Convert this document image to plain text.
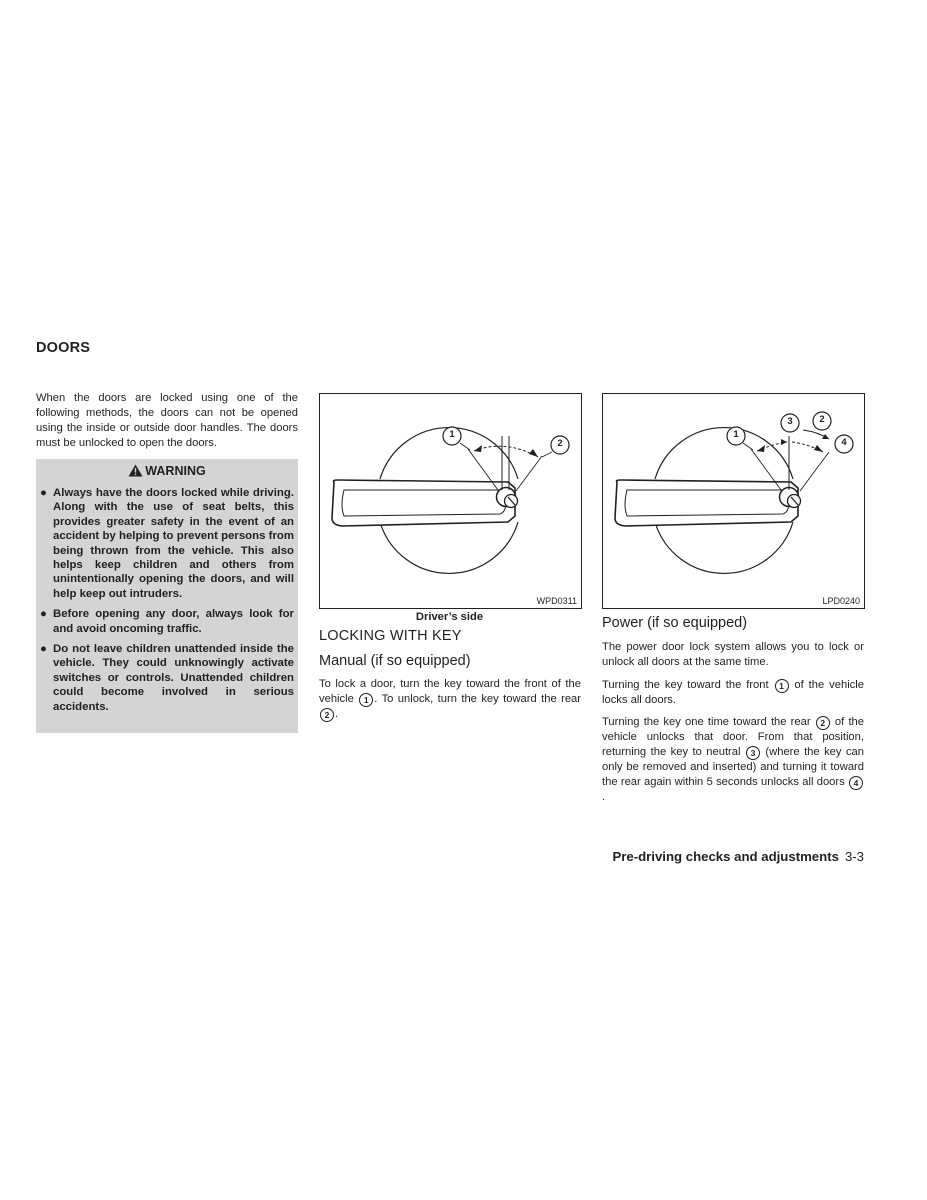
DOORS

When the doors are locked using one of the following methods, the doors can not be opened using the inside or outside door handles. The doors must be unlocked to open the doors.

WARNING
● Always have the doors locked while driving. Along with the use of seat belts, this provides greater safety in the event of an accident by helping to prevent persons from being thrown from the vehicle. This also helps keep children and others from unintentionally opening the doors, and will help keep out intruders.
● Before opening any door, always look for and avoid oncoming traffic.
● Do not leave children unattended inside the vehicle. They could unknowingly activate switches or controls. Unattended children could become involved in serious accidents.
1
2
WPD0311
1
3	2
4
LPD0240
Driver’s side
LOCKING WITH KEY
Manual (if so equipped)

To lock a door, turn the key toward the front of the vehicle 1 . To unlock, turn the key toward the rear 2 .

Power (if so equipped)

The power door lock system allows you to lock or unlock all doors at the same time.

Turning the key toward the front 1 of the vehicle locks all doors.

Turning the key one time toward the rear 2 of the vehicle unlocks that door. From that position, returning the key to neutral 3 (where the key can only be removed and inserted) and turning it toward the rear again within 5 seconds unlocks all doors 4.

Pre-driving checks and adjustments 3-3
